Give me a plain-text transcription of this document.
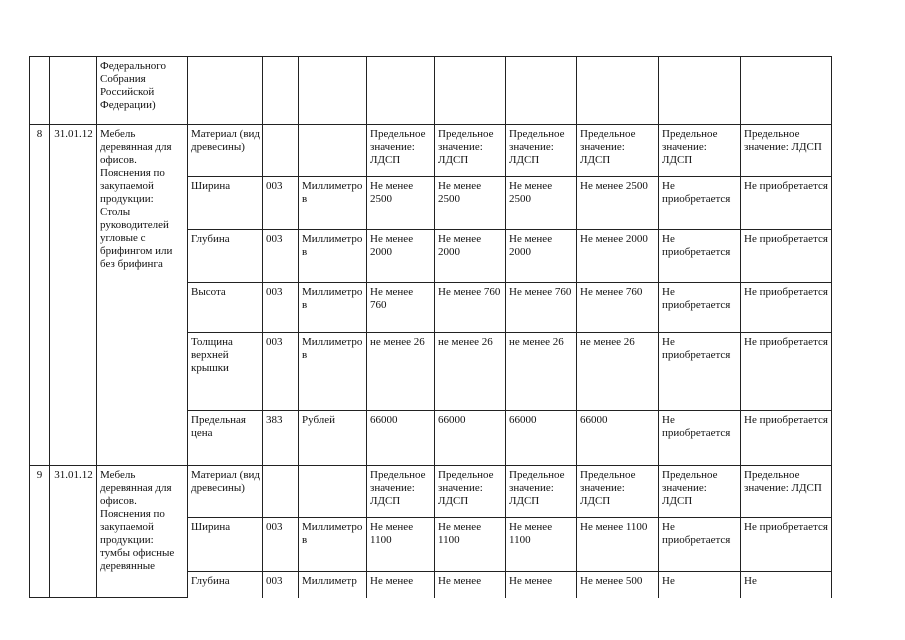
		Федерального Собрания Российской Федерации)									
8	31.01.12	Мебель деревянная для офисов. Пояснения по закупаемой продукции: Столы руководителей угловые с брифингом или без брифинга	Материал (вид древесины)			Предельное значение: ЛДСП	Предельное значение: ЛДСП	Предельное значение: ЛДСП	Предельное значение: ЛДСП	Предельное значение: ЛДСП	Предельное значение: ЛДСП
			Ширина	003	Миллиметров	Не менее 2500	Не менее 2500	Не менее 2500	Не менее 2500	Не приобретается	Не приобретается
			Глубина	003	Миллиметров	Не менее 2000	Не менее 2000	Не менее 2000	Не менее 2000	Не приобретается	Не приобретается
			Высота	003	Миллиметров	Не менее 760	Не менее 760	Не менее 760	Не менее 760	Не приобретается	Не приобретается
			Толщина верхней крышки	003	Миллиметров	не менее 26	не менее 26	не менее 26	не менее 26	Не приобретается	Не приобретается
			Предельная цена	383	Рублей	66000	66000	66000	66000	Не приобретается	Не приобретается
9	31.01.12	Мебель деревянная для офисов. Пояснения по закупаемой продукции: тумбы офисные деревянные	Материал (вид древесины)			Предельное значение: ЛДСП	Предельное значение: ЛДСП	Предельное значение: ЛДСП	Предельное значение: ЛДСП	Предельное значение: ЛДСП	Предельное значение: ЛДСП
			Ширина	003	Миллиметров	Не менее 1100	Не менее 1100	Не менее 1100	Не менее 1100	Не приобретается	Не приобретается
			Глубина	003	Миллиметр	Не менее	Не менее	Не менее	Не менее 500	Не	Не
